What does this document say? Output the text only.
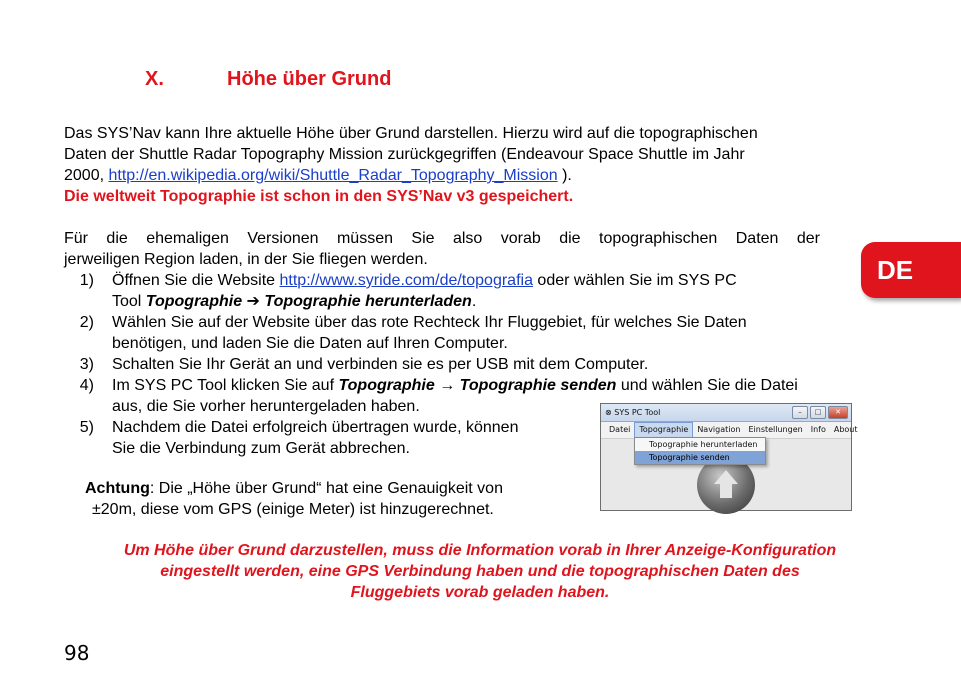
X.	Höhe über Grund
Das SYS’Nav kann Ihre aktuelle Höhe über Grund darstellen. Hierzu wird auf die topographischen
Daten der Shuttle Radar Topography Mission zurückgegriffen (Endeavour Space Shuttle im Jahr
2000, http://en.wikipedia.org/wiki/Shuttle_Radar_Topography_Mission ).
Die weltweit Topographie ist schon in den SYS’Nav v3 gespeichert.
Für die ehemaligen Versionen müssen Sie also vorab die topographischen Daten der
jerweiligen Region laden, in der Sie fliegen werden.
1) Öffnen Sie die Website http://www.syride.com/de/topografia oder wählen Sie im SYS PC
Tool Topographie ➔ Topographie herunterladen.
2) Wählen Sie auf der Website über das rote Rechteck Ihr Fluggebiet, für welches Sie Daten
benötigen, und laden Sie die Daten auf Ihren Computer.
3) Schalten Sie Ihr Gerät an und verbinden sie es per USB mit dem Computer.
4) Im SYS PC Tool klicken Sie auf Topographie → Topographie senden und wählen Sie die Datei
aus, die Sie vorher heruntergeladen haben.
5) Nachdem die Datei erfolgreich übertragen wurde, können
Sie die Verbindung zum Gerät abbrechen.
Achtung: Die „Höhe über Grund“ hat eine Genauigkeit von
±20m, diese vom GPS (einige Meter) ist hinzugerechnet.
Um Höhe über Grund darzustellen, muss die Information vorab in Ihrer Anzeige-Konfiguration
eingestellt werden, eine GPS Verbindung haben und die topographischen Daten des
Fluggebiets vorab geladen haben.
DE
⊗ SYS PC Tool	–	□	✕
Datei	Topographie	Navigation	Einstellungen	Info	About
Topographie herunterladen
Topographie senden
98
